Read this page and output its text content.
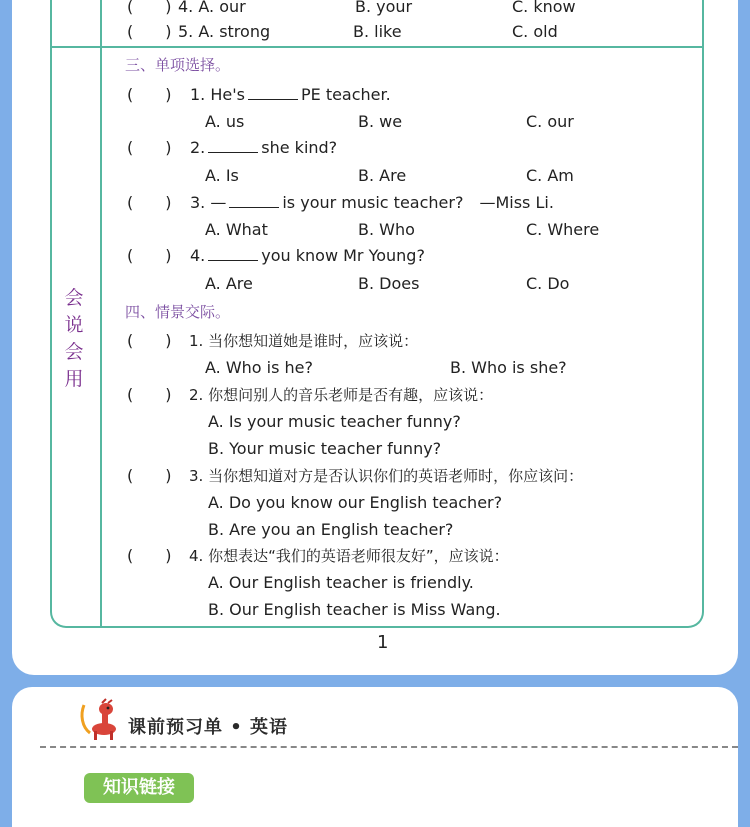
会
说
会
用
(　　) 4. A. our	B. your	C. know
(　　) 5. A. strong	B. like	C. old
三、单项选择。
(　　) 1. He's	PE teacher.
A. us	B. we	C. our
(　　) 2.	she kind?
A. Is	B. Are	C. Am
(　　) 3. —	is your music teacher?　—Miss Li.
A. What	B. Who	C. Where
(　　) 4.	you know Mr Young?
A. Are	B. Does	C. Do
四、情景交际。
(　　) 1. 当你想知道她是谁时，应该说：
A. Who is he?	B. Who is she?
(　　) 2. 你想问别人的音乐老师是否有趣，应该说：
A. Is your music teacher funny?
B. Your music teacher funny?
(　　) 3. 当你想知道对方是否认识你们的英语老师时，你应该问：
A. Do you know our English teacher?
B. Are you an English teacher?
(　　) 4. 你想表达“我们的英语老师很友好”，应该说：
A. Our English teacher is friendly.
B. Our English teacher is Miss Wang.
1
课前预习单 • 英语
知识链接
